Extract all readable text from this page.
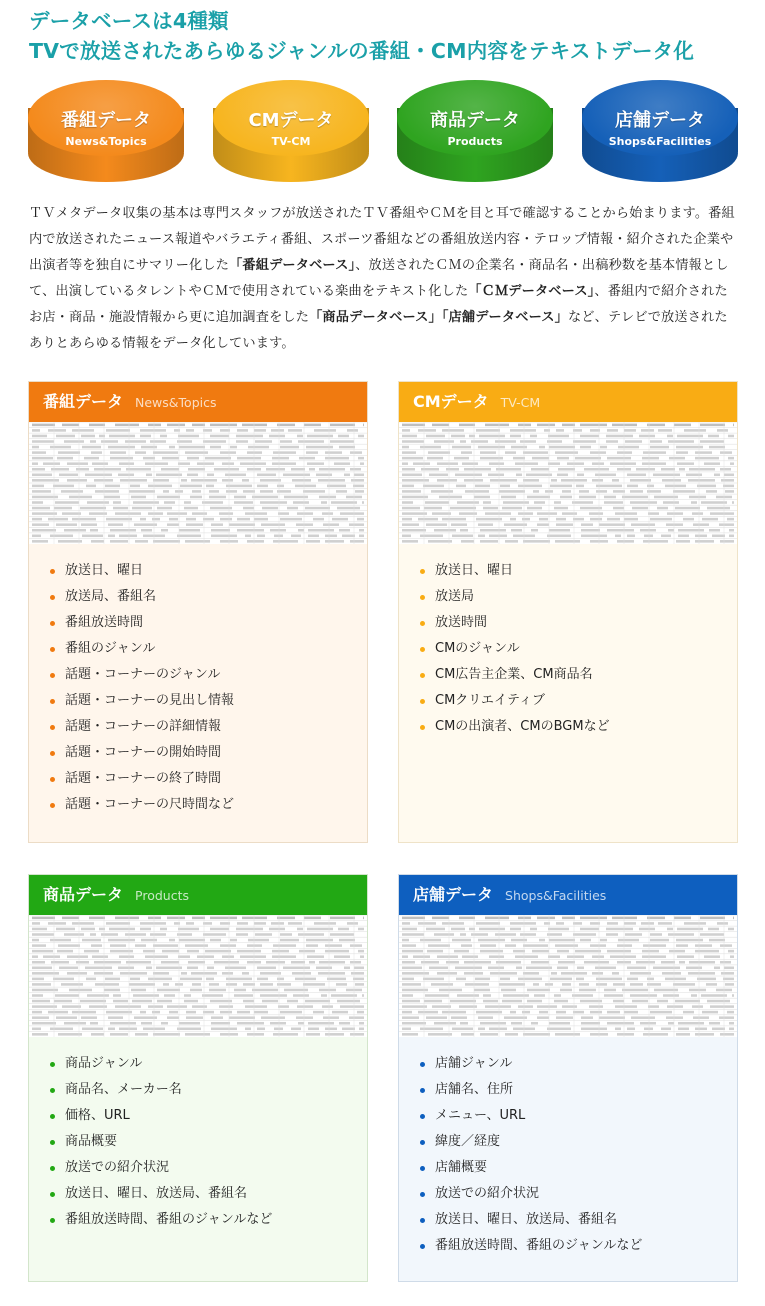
データベースは4種類
TVで放送されたあらゆるジャンルの番組・CM内容をテキストデータ化
番組データ
News&Topics
CMデータ
TV-CM
商品データ
Products
店舗データ
Shops&Facilities
ＴＶメタデータ収集の基本は専門スタッフが放送されたＴＶ番組やＣＭを目と耳で確認することから始まります。番組内で放送されたニュース報道やバラエティ番組、スポーツ番組などの番組放送内容・テロップ情報・紹介された企業や出演者等を独自にサマリー化した「番組データベース」、放送されたＣＭの企業名・商品名・出稿秒数を基本情報として、出演しているタレントやＣＭで使用されている楽曲をテキスト化した「ＣＭデータベース」、番組内で紹介されたお店・商品・施設情報から更に追加調査をした「商品データベース」「店舗データベース」など、テレビで放送されたありとあらゆる情報をデータ化しています。
番組データ News&Topics
放送日、曜日
放送局、番組名
番組放送時間
番組のジャンル
話題・コーナーのジャンル
話題・コーナーの見出し情報
話題・コーナーの詳細情報
話題・コーナーの開始時間
話題・コーナーの終了時間
話題・コーナーの尺時間など
CMデータ TV-CM
放送日、曜日
放送局
放送時間
CMのジャンル
CM広告主企業、CM商品名
CMクリエイティブ
CMの出演者、CMのBGMなど
商品データ Products
商品ジャンル
商品名、メーカー名
価格、URL
商品概要
放送での紹介状況
放送日、曜日、放送局、番組名
番組放送時間、番組のジャンルなど
店舗データ Shops&Facilities
店舗ジャンル
店舗名、住所
メニュー、URL
緯度／経度
店舗概要
放送での紹介状況
放送日、曜日、放送局、番組名
番組放送時間、番組のジャンルなど
